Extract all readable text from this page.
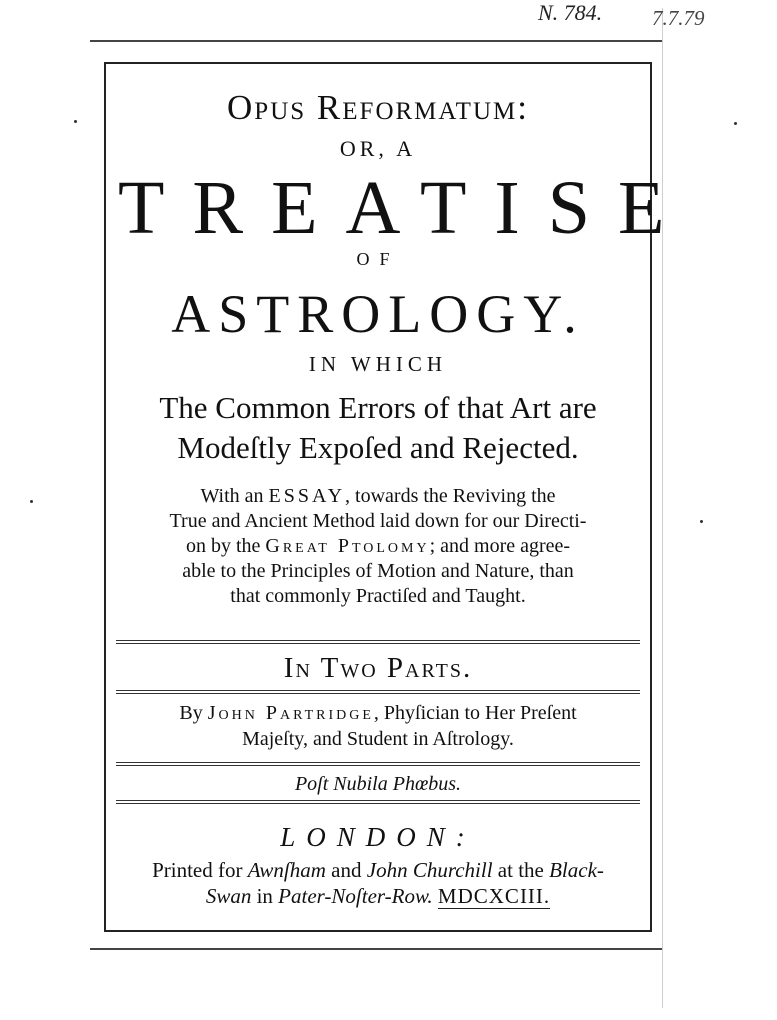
N. 784. 7.7.79
Opus Reformatum:
OR, A
TREATISE
OF
ASTROLOGY.
IN WHICH
The Common Errors of that Art are
Modeſtly Expoſed and Rejected.
With an ESSAY, towards the Reviving the
True and Ancient Method laid down for our Directi-
on by the Great Ptolomy; and more agree-
able to the Principles of Motion and Nature, than
that commonly Practiſed and Taught.
In Two Parts.
By John Partridge, Phyſician to Her Preſent
Majeſty, and Student in Aſtrology.
Poſt Nubila Phœbus.
LONDON:
Printed for Awnſham and John Churchill at the Black-
Swan in Pater-Noſter-Row. MDCXCIII.
